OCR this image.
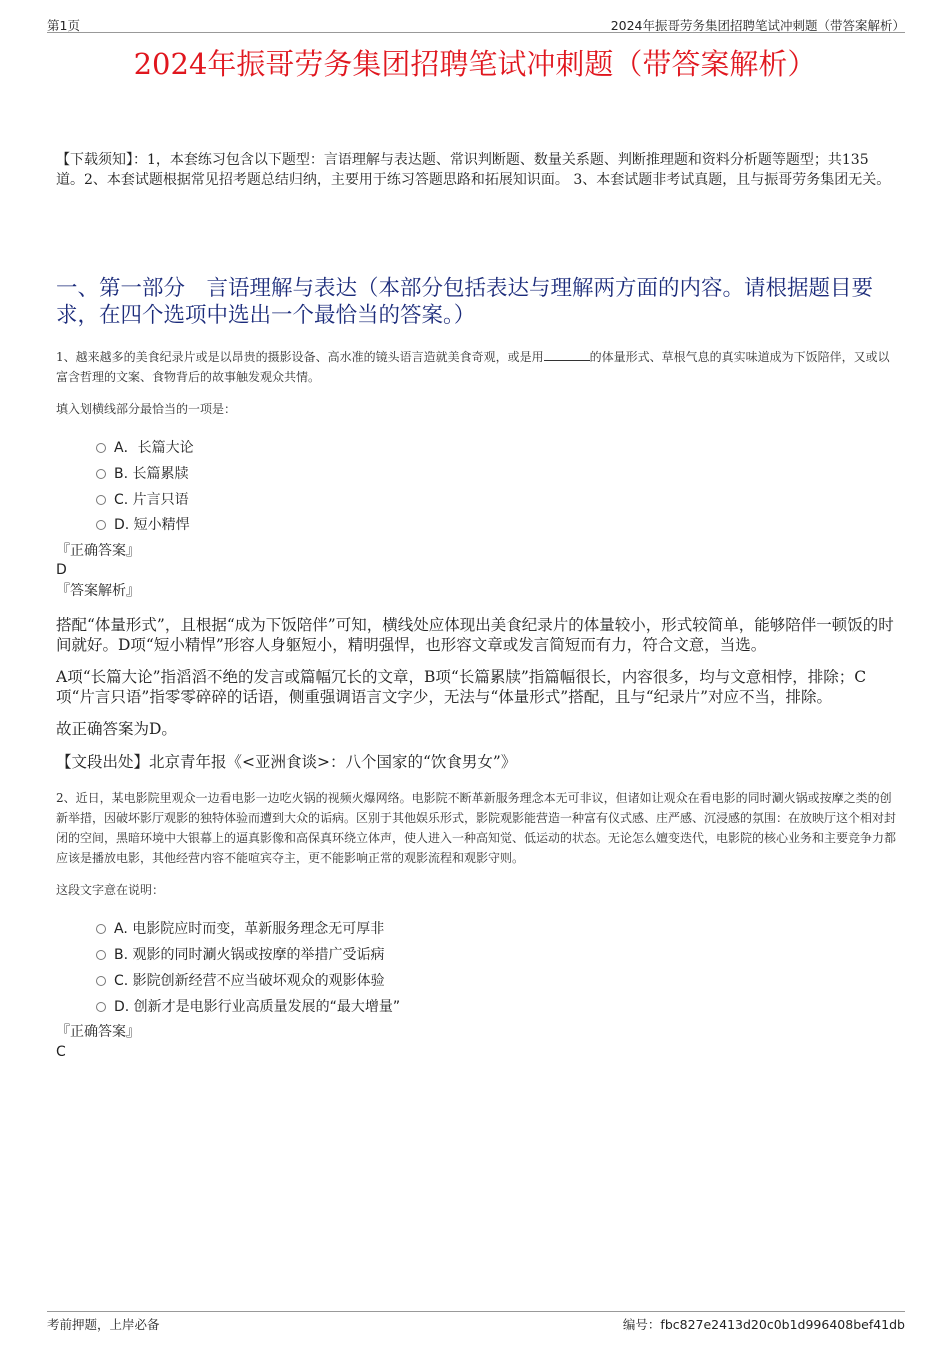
第1页	2024年振哥劳务集团招聘笔试冲刺题（带答案解析）
2024年振哥劳务集团招聘笔试冲刺题（带答案解析）
【下载须知】：1，本套练习包含以下题型：言语理解与表达题、常识判断题、数量关系题、判断推理题和资料分析题等题型；共135道。2、本套试题根据常见招考题总结归纳，主要用于练习答题思路和拓展知识面。 3、本套试题非考试真题，且与振哥劳务集团无关。
一、第一部分　言语理解与表达（本部分包括表达与理解两方面的内容。请根据题目要求，在四个选项中选出一个最恰当的答案。）
1、越来越多的美食纪录片或是以昂贵的摄影设备、高水准的镜头语言造就美食奇观，或是用	的体量形式、草根气息的真实味道成为下饭陪伴，又或以富含哲理的文案、食物背后的故事触发观众共情。
填入划横线部分最恰当的一项是：
A．长篇大论
B. 长篇累牍
C. 片言只语
D. 短小精悍
『正确答案』
D
『答案解析』
搭配“体量形式”，且根据“成为下饭陪伴”可知，横线处应体现出美食纪录片的体量较小，形式较简单，能够陪伴一顿饭的时间就好。D项“短小精悍”形容人身躯短小，精明强悍，也形容文章或发言简短而有力，符合文意，当选。
A项“长篇大论”指滔滔不绝的发言或篇幅冗长的文章，B项“长篇累牍”指篇幅很长，内容很多，均与文意相悖，排除；C项“片言只语”指零零碎碎的话语，侧重强调语言文字少，无法与“体量形式”搭配，且与“纪录片”对应不当，排除。
故正确答案为D。
【文段出处】北京青年报《<亚洲食谈>：八个国家的“饮食男女”》
2、近日，某电影院里观众一边看电影一边吃火锅的视频火爆网络。电影院不断革新服务理念本无可非议，但诸如让观众在看电影的同时涮火锅或按摩之类的创新举措，因破坏影厅观影的独特体验而遭到大众的诟病。区别于其他娱乐形式，影院观影能营造一种富有仪式感、庄严感、沉浸感的氛围：在放映厅这个相对封闭的空间，黑暗环境中大银幕上的逼真影像和高保真环绕立体声，使人进入一种高知觉、低运动的状态。无论怎么嬗变迭代，电影院的核心业务和主要竞争力都应该是播放电影，其他经营内容不能喧宾夺主，更不能影响正常的观影流程和观影守则。
这段文字意在说明：
A. 电影院应时而变，革新服务理念无可厚非
B. 观影的同时涮火锅或按摩的举措广受诟病
C. 影院创新经营不应当破坏观众的观影体验
D. 创新才是电影行业高质量发展的“最大增量”
『正确答案』
C
考前押题，上岸必备	编号：fbc827e2413d20c0b1d996408bef41db
